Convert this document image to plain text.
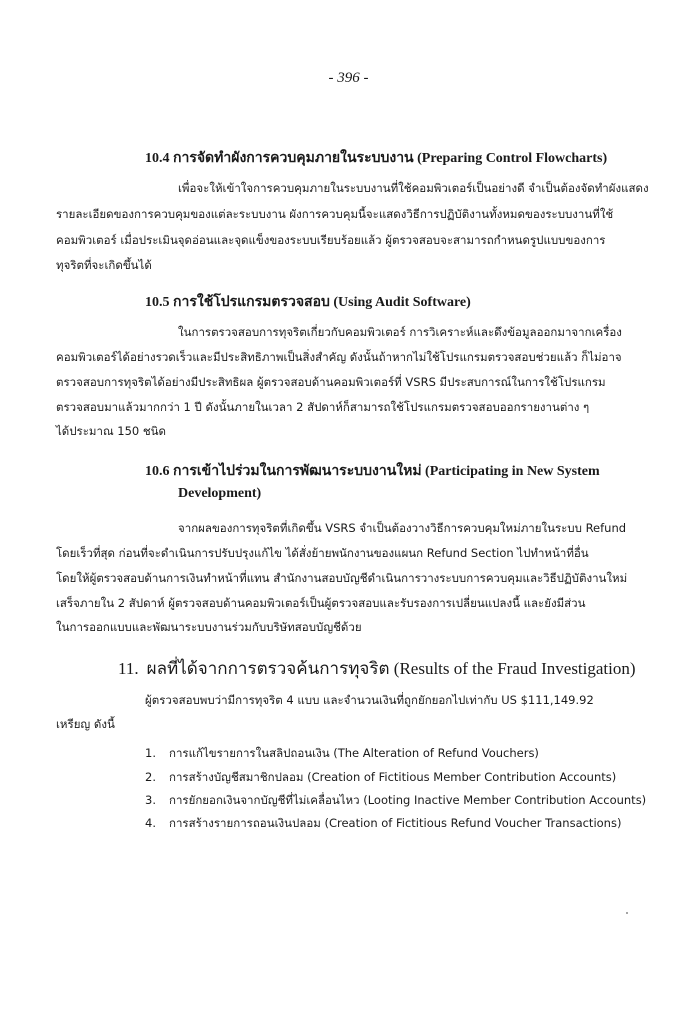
- 396 -
10.4 การจัดทำผังการควบคุมภายในระบบงาน (Preparing Control Flowcharts)
เพื่อจะให้เข้าใจการควบคุมภายในระบบงานที่ใช้คอมพิวเตอร์เป็นอย่างดี จำเป็นต้องจัดทำผังแสดง
รายละเอียดของการควบคุมของแต่ละระบบงาน ผังการควบคุมนี้จะแสดงวิธีการปฏิบัติงานทั้งหมดของระบบงานที่ใช้
คอมพิวเตอร์ เมื่อประเมินจุดอ่อนและจุดแข็งของระบบเรียบร้อยแล้ว ผู้ตรวจสอบจะสามารถกำหนดรูปแบบของการ
ทุจริตที่จะเกิดขึ้นได้
10.5 การใช้โปรแกรมตรวจสอบ (Using Audit Software)
ในการตรวจสอบการทุจริตเกี่ยวกับคอมพิวเตอร์ การวิเคราะห์และดึงข้อมูลออกมาจากเครื่อง
คอมพิวเตอร์ได้อย่างรวดเร็วและมีประสิทธิภาพเป็นสิ่งสำคัญ ดังนั้นถ้าหากไม่ใช้โปรแกรมตรวจสอบช่วยแล้ว ก็ไม่อาจ
ตรวจสอบการทุจริตได้อย่างมีประสิทธิผล ผู้ตรวจสอบด้านคอมพิวเตอร์ที่ VSRS มีประสบการณ์ในการใช้โปรแกรม
ตรวจสอบมาแล้วมากกว่า 1 ปี ดังนั้นภายในเวลา 2 สัปดาห์ก็สามารถใช้โปรแกรมตรวจสอบออกรายงานต่าง ๆ
ได้ประมาณ 150 ชนิด
10.6 การเข้าไปร่วมในการพัฒนาระบบงานใหม่ (Participating in New System
Development)
จากผลของการทุจริตที่เกิดขึ้น VSRS จำเป็นต้องวางวิธีการควบคุมใหม่ภายในระบบ Refund
โดยเร็วที่สุด ก่อนที่จะดำเนินการปรับปรุงแก้ไข ได้สั่งย้ายพนักงานของแผนก Refund Section ไปทำหน้าที่อื่น
โดยให้ผู้ตรวจสอบด้านการเงินทำหน้าที่แทน สำนักงานสอบบัญชีดำเนินการวางระบบการควบคุมและวิธีปฏิบัติงานใหม่
เสร็จภายใน 2 สัปดาห์ ผู้ตรวจสอบด้านคอมพิวเตอร์เป็นผู้ตรวจสอบและรับรองการเปลี่ยนแปลงนี้ และยังมีส่วน
ในการออกแบบและพัฒนาระบบงานร่วมกับบริษัทสอบบัญชีด้วย
11. ผลที่ได้จากการตรวจค้นการทุจริต (Results of the Fraud Investigation)
ผู้ตรวจสอบพบว่ามีการทุจริต 4 แบบ และจำนวนเงินที่ถูกยักยอกไปเท่ากับ US $111,149.92
เหรียญ ดังนี้
1. การแก้ไขรายการในสลิปถอนเงิน (The Alteration of Refund Vouchers)
2. การสร้างบัญชีสมาชิกปลอม (Creation of Fictitious Member Contribution Accounts)
3. การยักยอกเงินจากบัญชีที่ไม่เคลื่อนไหว (Looting Inactive Member Contribution Accounts)
4. การสร้างรายการถอนเงินปลอม (Creation of Fictitious Refund Voucher Transactions)
